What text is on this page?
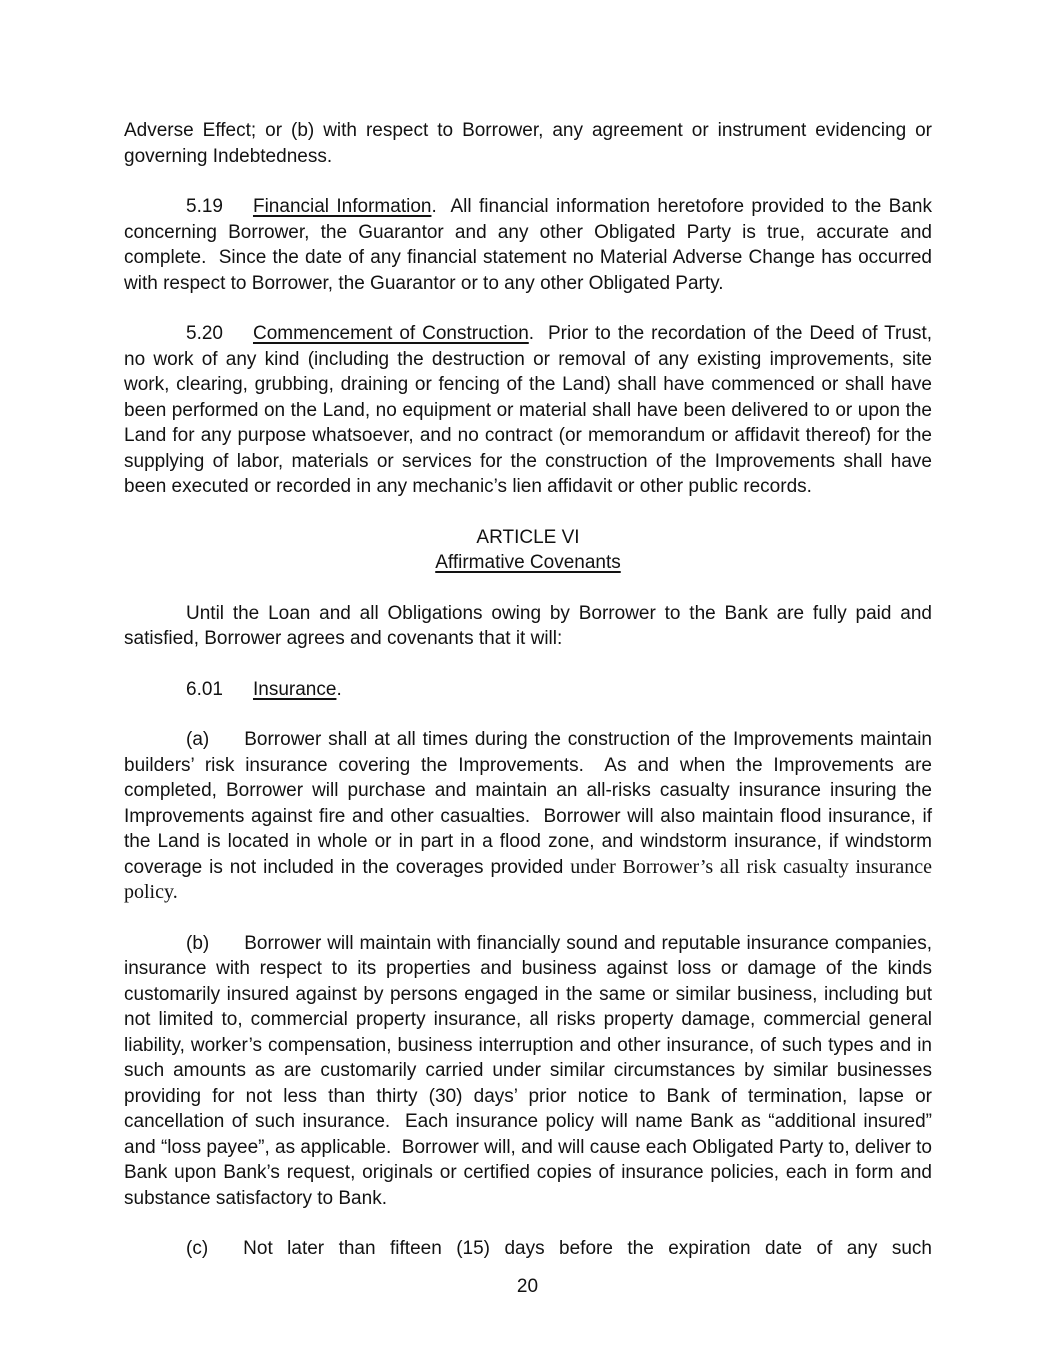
Adverse Effect; or (b) with respect to Borrower, any agreement or instrument evidencing or governing Indebtedness.

5.19 Financial Information.  All financial information heretofore provided to the Bank concerning Borrower, the Guarantor and any other Obligated Party is true, accurate and complete.  Since the date of any financial statement no Material Adverse Change has occurred with respect to Borrower, the Guarantor or to any other Obligated Party.

5.20 Commencement of Construction.  Prior to the recordation of the Deed of Trust, no work of any kind (including the destruction or removal of any existing improvements, site work, clearing, grubbing, draining or fencing of the Land) shall have commenced or shall have been performed on the Land, no equipment or material shall have been delivered to or upon the Land for any purpose whatsoever, and no contract (or memorandum or affidavit thereof) for the supplying of labor, materials or services for the construction of the Improvements shall have been executed or recorded in any mechanic’s lien affidavit or other public records.

ARTICLE VI
Affirmative Covenants

Until the Loan and all Obligations owing by Borrower to the Bank are fully paid and satisfied, Borrower agrees and covenants that it will:

6.01 Insurance.

(a) Borrower shall at all times during the construction of the Improvements maintain builders’ risk insurance covering the Improvements.  As and when the Improvements are completed, Borrower will purchase and maintain an all-risks casualty insurance insuring the Improvements against fire and other casualties.  Borrower will also maintain flood insurance, if the Land is located in whole or in part in a flood zone, and windstorm insurance, if windstorm coverage is not included in the coverages provided under Borrower’s all risk casualty insurance policy.

(b) Borrower will maintain with financially sound and reputable insurance companies, insurance with respect to its properties and business against loss or damage of the kinds customarily insured against by persons engaged in the same or similar business, including but not limited to, commercial property insurance, all risks property damage, commercial general liability, worker’s compensation, business interruption and other insurance, of such types and in such amounts as are customarily carried under similar circumstances by similar businesses providing for not less than thirty (30) days’ prior notice to Bank of termination, lapse or cancellation of such insurance.  Each insurance policy will name Bank as “additional insured” and “loss payee”, as applicable.  Borrower will, and will cause each Obligated Party to, deliver to Bank upon Bank’s request, originals or certified copies of insurance policies, each in form and substance satisfactory to Bank.

(c) Not later than fifteen (15) days before the expiration date of any such

20
